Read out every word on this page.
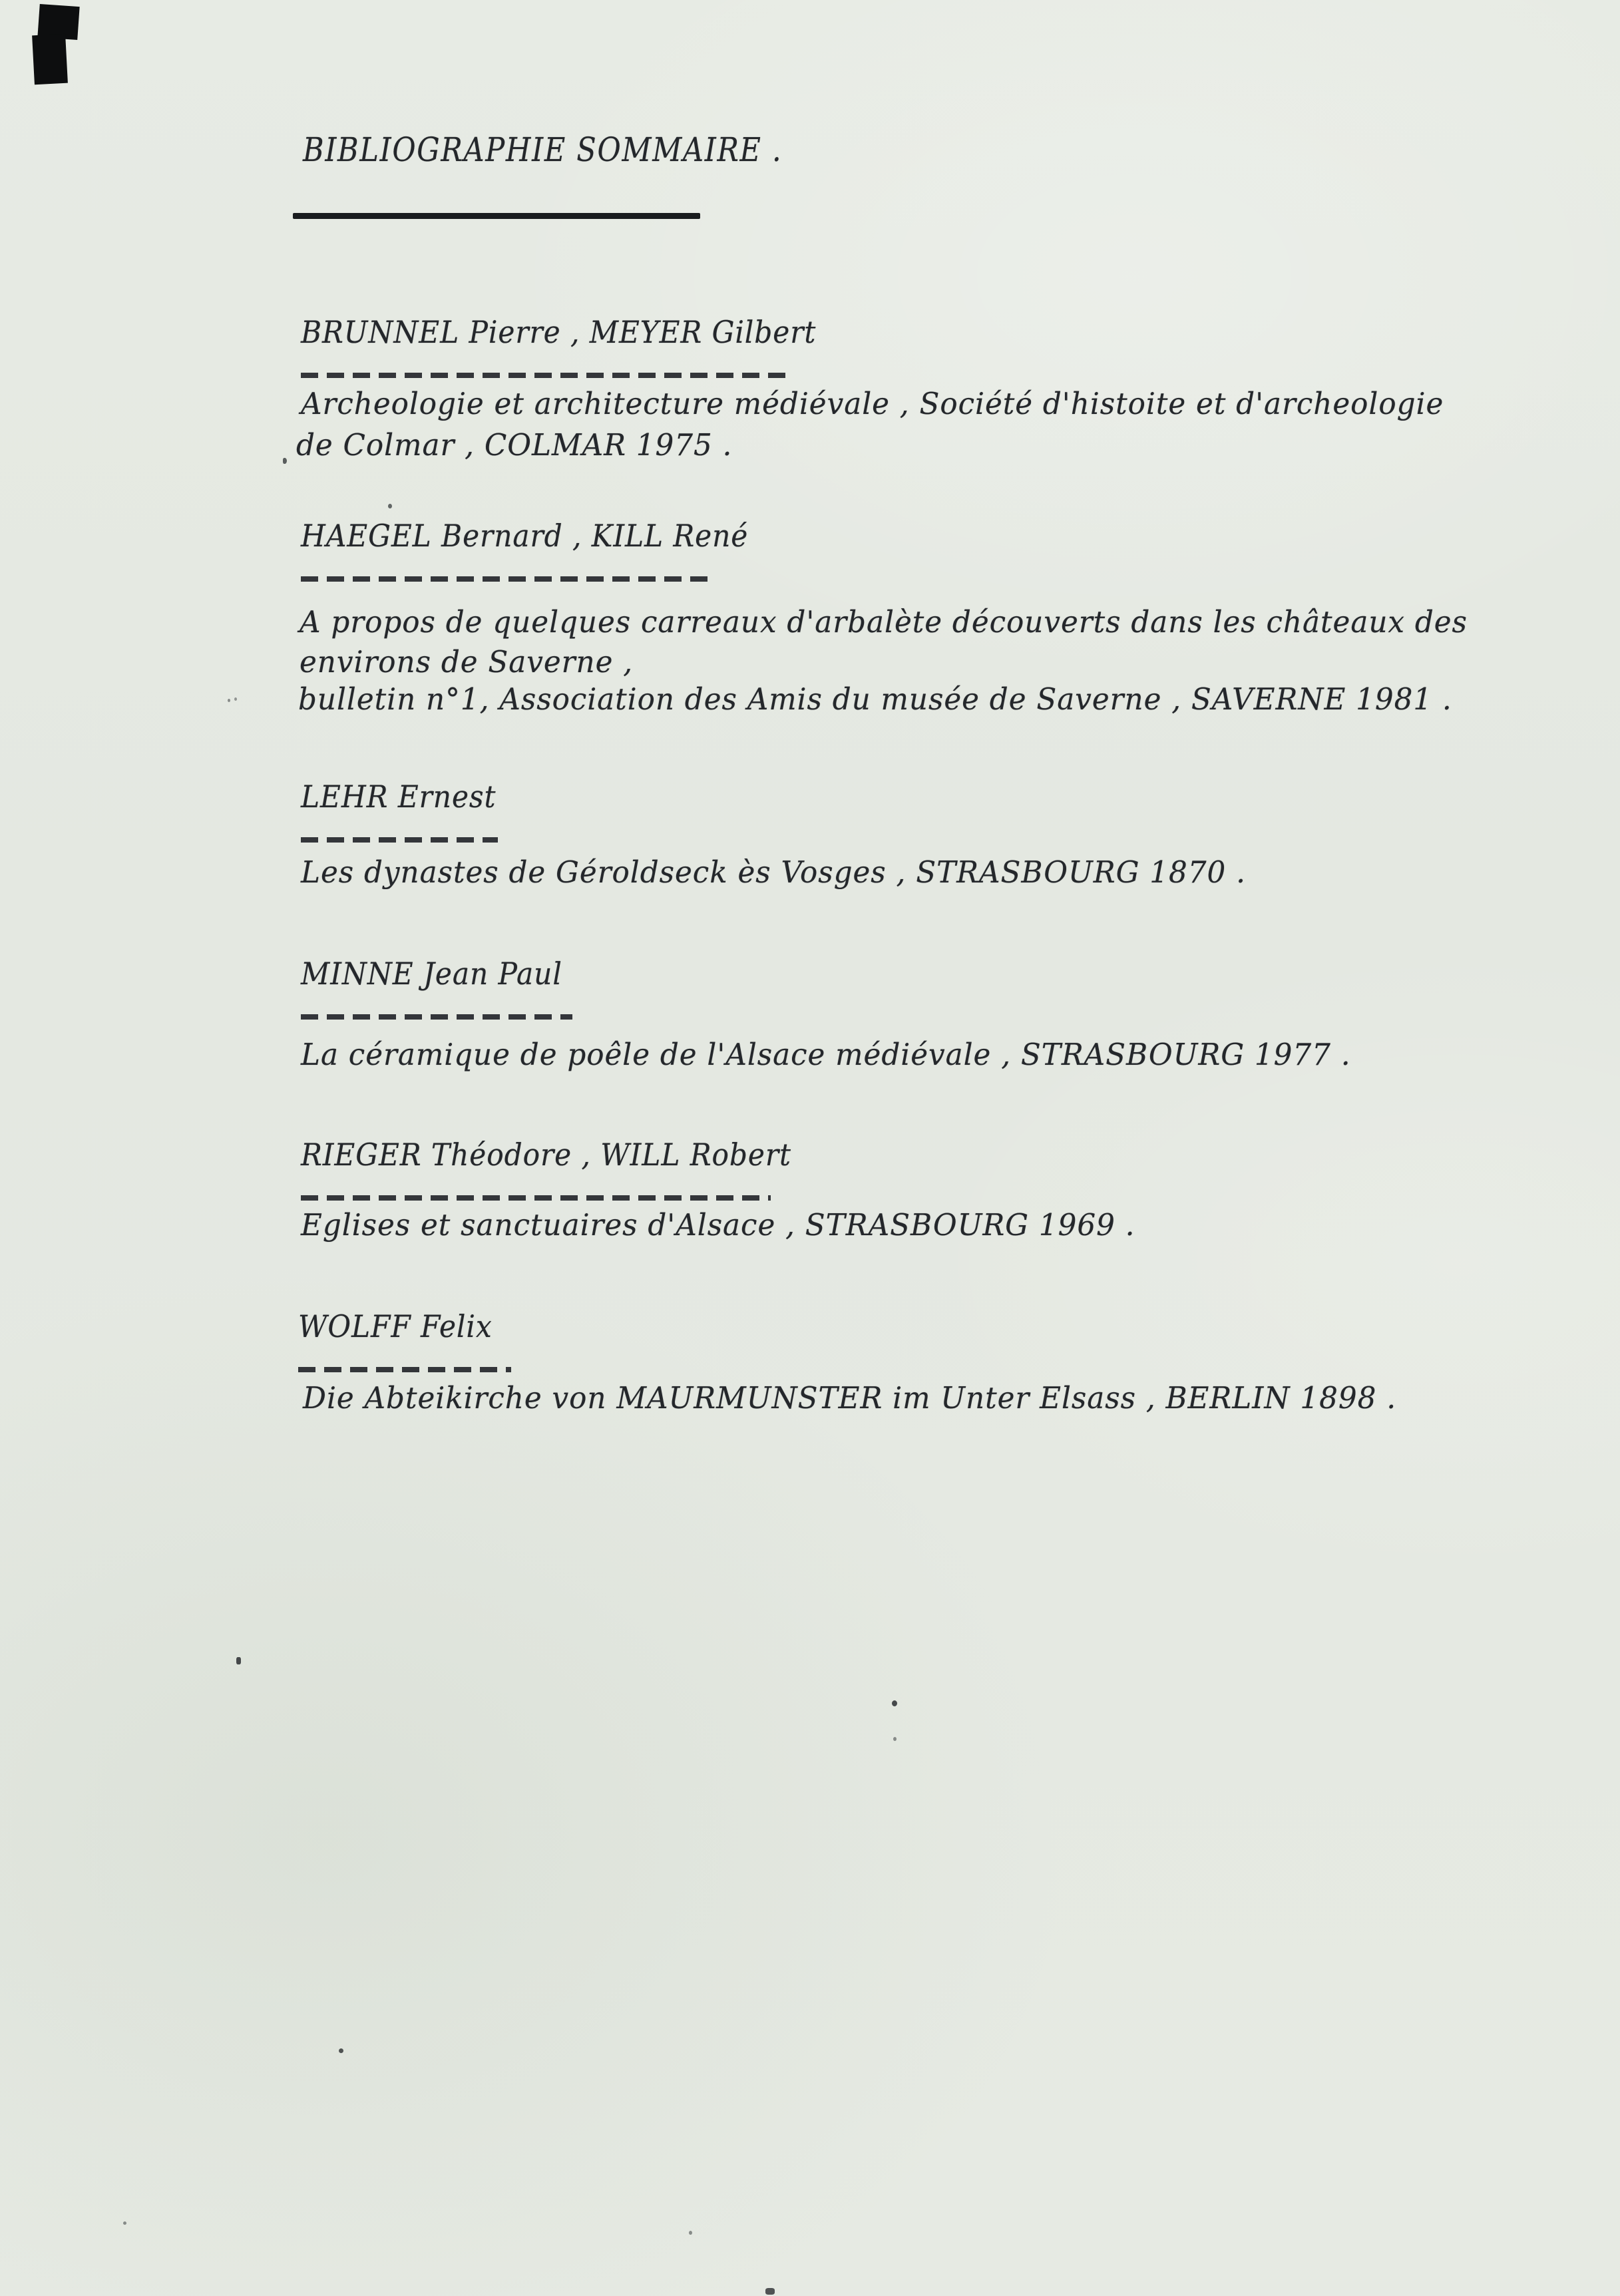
BIBLIOGRAPHIE SOMMAIRE .
BRUNNEL Pierre , MEYER Gilbert
Archeologie et architecture médiévale , Société d'histoite et d'archeologie
de Colmar , COLMAR 1975 .
HAEGEL Bernard , KILL René
A propos de quelques carreaux d'arbalète découverts dans les châteaux des
environs de Saverne ,
bulletin n°1, Association des Amis du musée de Saverne , SAVERNE 1981 .
LEHR Ernest
Les dynastes de Géroldseck ès Vosges , STRASBOURG 1870 .
MINNE Jean Paul
La céramique de poêle de l'Alsace médiévale , STRASBOURG 1977 .
RIEGER Théodore , WILL Robert
Eglises et sanctuaires d'Alsace , STRASBOURG 1969 .
WOLFF Felix
Die Abteikirche von MAURMUNSTER im Unter Elsass , BERLIN 1898 .
